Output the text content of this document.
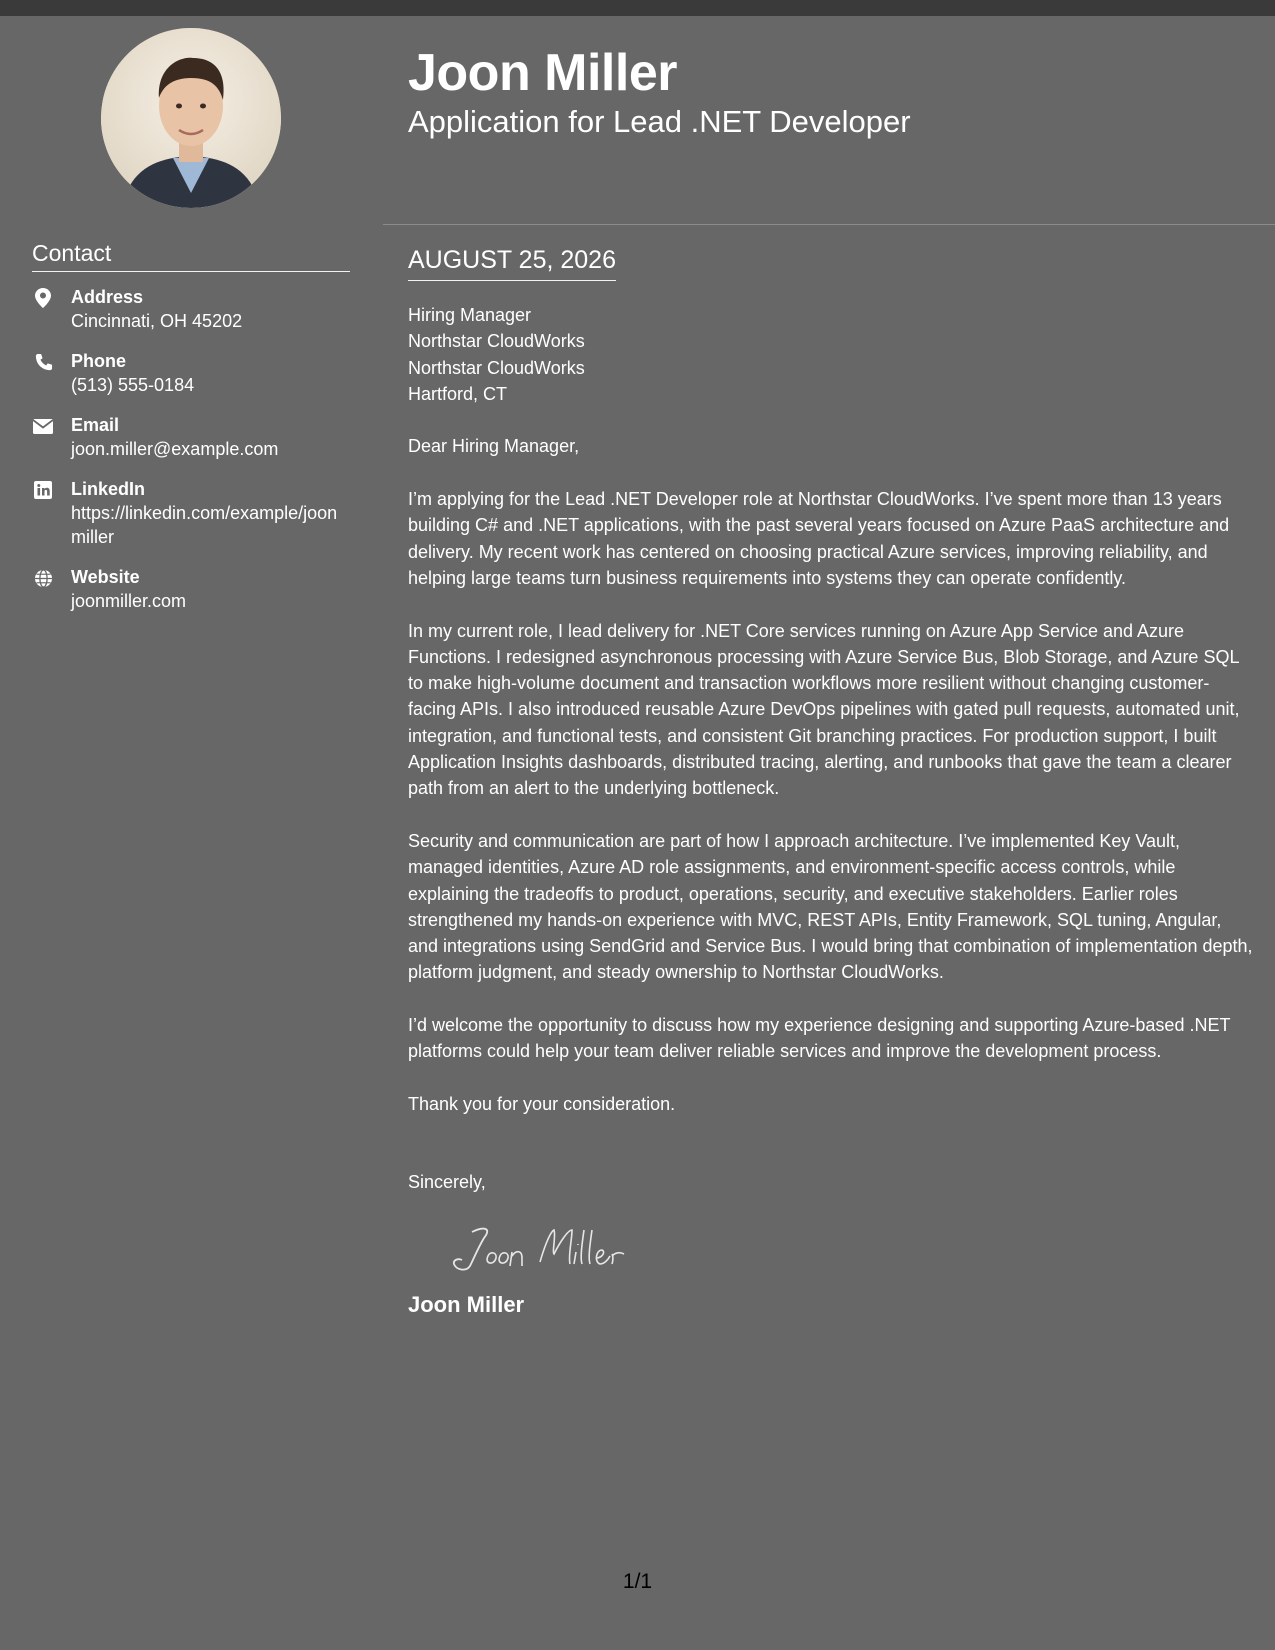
Contact
Address
Cincinnati, OH 45202
Phone
(513) 555-0184
Email
joon.miller@example.com
LinkedIn
https://linkedin.com/example/joonmiller
Website
joonmiller.com
Joon Miller
Application for Lead .NET Developer
AUGUST 25, 2026
Hiring Manager
Northstar CloudWorks
Northstar CloudWorks
Hartford, CT

Dear Hiring Manager,

I’m applying for the Lead .NET Developer role at Northstar CloudWorks. I’ve spent more than 13 years building C# and .NET applications, with the past several years focused on Azure PaaS architecture and delivery. My recent work has centered on choosing practical Azure services, improving reliability, and helping large teams turn business requirements into systems they can operate confidently.

In my current role, I lead delivery for .NET Core services running on Azure App Service and Azure Functions. I redesigned asynchronous processing with Azure Service Bus, Blob Storage, and Azure SQL to make high-volume document and transaction workflows more resilient without changing customer-facing APIs. I also introduced reusable Azure DevOps pipelines with gated pull requests, automated unit, integration, and functional tests, and consistent Git branching practices. For production support, I built Application Insights dashboards, distributed tracing, alerting, and runbooks that gave the team a clearer path from an alert to the underlying bottleneck.

Security and communication are part of how I approach architecture. I’ve implemented Key Vault, managed identities, Azure AD role assignments, and environment-specific access controls, while explaining the tradeoffs to product, operations, security, and executive stakeholders. Earlier roles strengthened my hands-on experience with MVC, REST APIs, Entity Framework, SQL tuning, Angular, and integrations using SendGrid and Service Bus. I would bring that combination of implementation depth, platform judgment, and steady ownership to Northstar CloudWorks.

I’d welcome the opportunity to discuss how my experience designing and supporting Azure-based .NET platforms could help your team deliver reliable services and improve the development process.

Thank you for your consideration.

Sincerely,
Joon Miller
1/1
